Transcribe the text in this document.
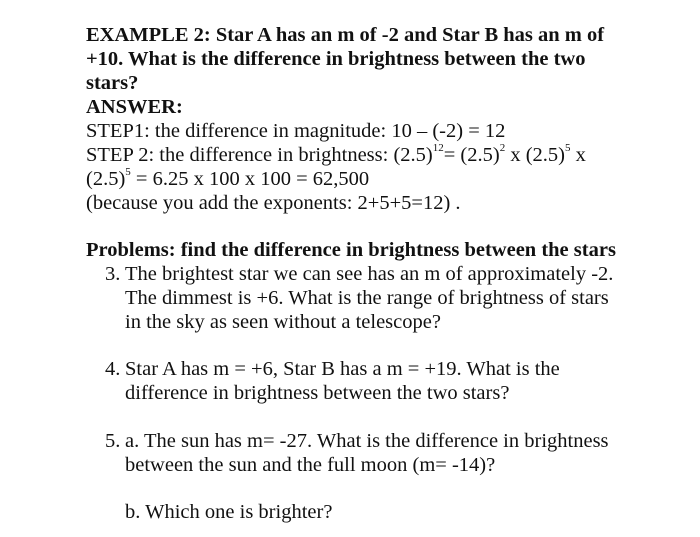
EXAMPLE 2: Star A has an m of -2 and Star B has an m of
+10. What is the difference in brightness between the two
stars?
ANSWER:
STEP1: the difference in magnitude: 10 – (-2) = 12
STEP 2: the difference in brightness: $(2.5)^{12}= (2.5)^2$ x $(2.5)^5$ x
$(2.5)^5 = 6.25$ x 100 x 100 = 62,500
(because you add the exponents: 2+5+5=12) .
Problems: find the difference in brightness between the stars
3. The brightest star we can see has an m of approximately -2.
The dimmest is +6. What is the range of brightness of stars
in the sky as seen without a telescope?
4. Star A has m = +6, Star B has a m = +19. What is the
difference in brightness between the two stars?
5. a. The sun has m= -27. What is the difference in brightness
between the sun and the full moon (m= -14)?
b. Which one is brighter?
